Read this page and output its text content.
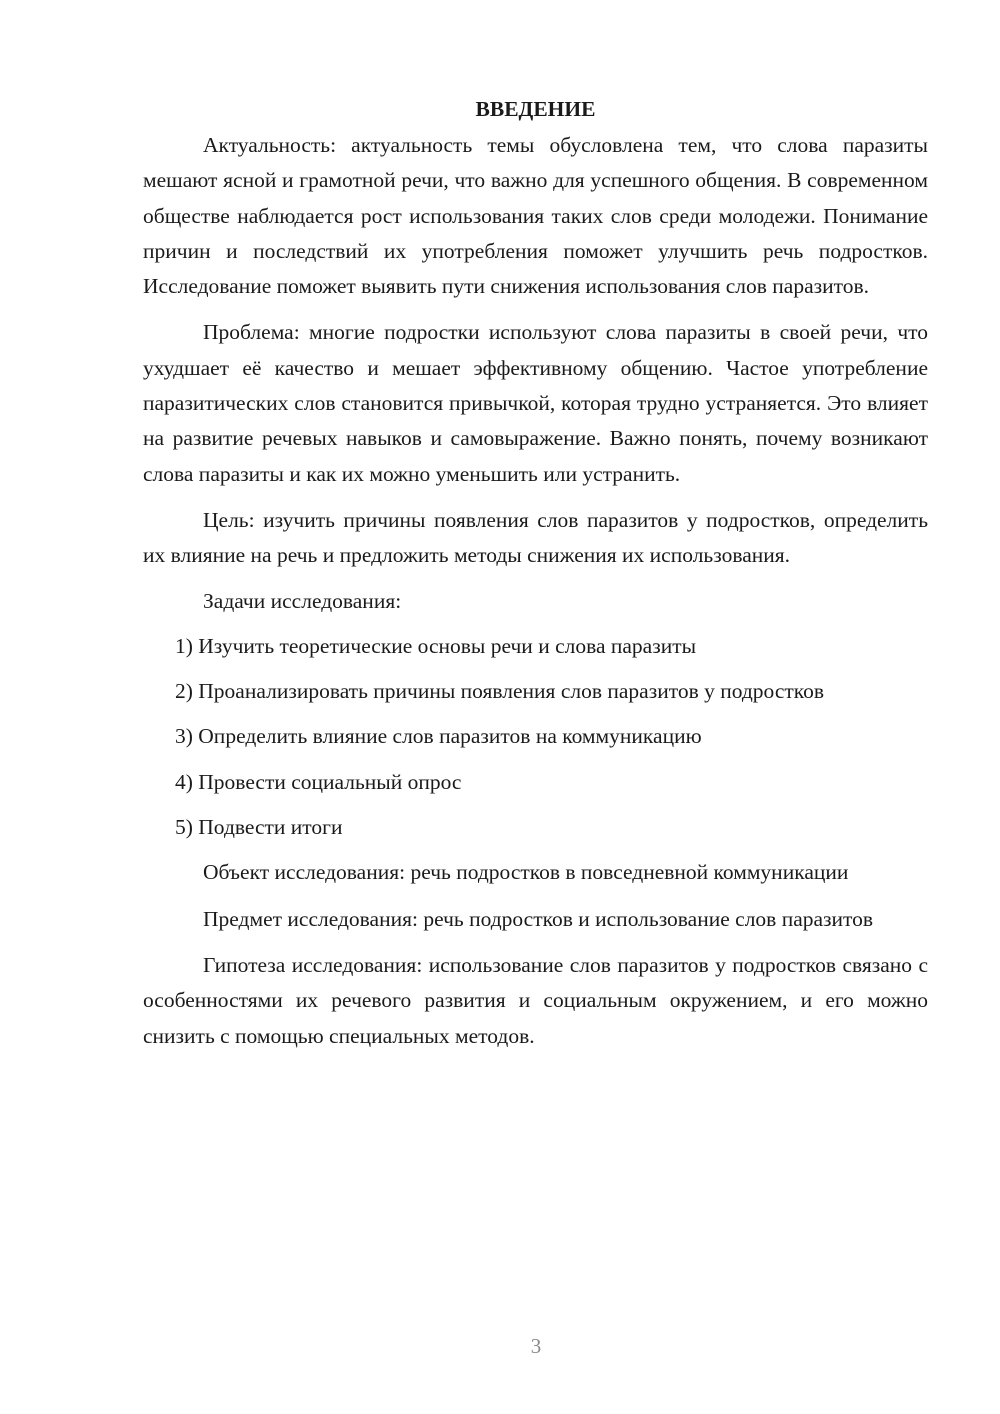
ВВЕДЕНИЕ

Актуальность: актуальность темы обусловлена тем, что слова паразиты мешают ясной и грамотной речи, что важно для успешного общения. В современном обществе наблюдается рост использования таких слов среди молодежи. Понимание причин и последствий их употребления поможет улучшить речь подростков. Исследование поможет выявить пути снижения использования слов паразитов.

Проблема: многие подростки используют слова паразиты в своей речи, что ухудшает её качество и мешает эффективному общению. Частое употребление паразитических слов становится привычкой, которая трудно устраняется. Это влияет на развитие речевых навыков и самовыражение. Важно понять, почему возникают слова паразиты и как их можно уменьшить или устранить.

Цель: изучить причины появления слов паразитов у подростков, определить их влияние на речь и предложить методы снижения их использования.

Задачи исследования:

1) Изучить теоретические основы речи и слова паразиты

2) Проанализировать причины появления слов паразитов у подростков

3) Определить влияние слов паразитов на коммуникацию

4) Провести социальный опрос

5) Подвести итоги

Объект исследования: речь подростков в повседневной коммуникации

Предмет исследования: речь подростков и использование слов паразитов

Гипотеза исследования: использование слов паразитов у подростков связано с особенностями их речевого развития и социальным окружением, и его можно снизить с помощью специальных методов.

3
